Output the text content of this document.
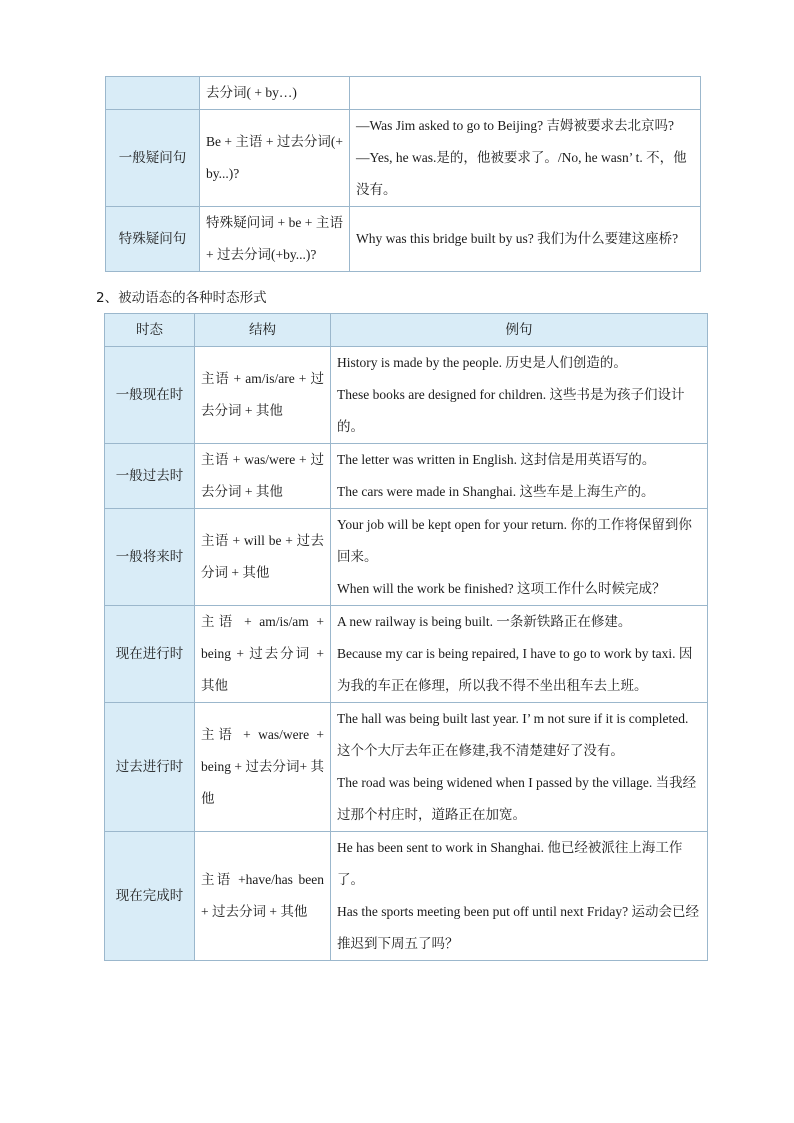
	去分词( + by…)	
一般疑问句	Be + 主语 + 过去分词(+ by...)?	—Was Jim asked to go to Beijing? 吉姆被要求去北京吗?
—Yes, he was.是的，他被要求了。/No, he wasn’ t. 不，他没有。

特殊疑问句	特殊疑问词 + be + 主语 + 过去分词(+by...)?	Why was this bridge built by us? 我们为什么要建这座桥?
2、被动语态的各种时态形式
时态	结构	例句
一般现在时	主语 + am/is/are + 过去分词 + 其他	History is made by the people. 历史是人们创造的。
These books are designed for children. 这些书是为孩子们设计的。

一般过去时	主语 + was/were + 过去分词 + 其他	The letter was written in English. 这封信是用英语写的。
The cars were made in Shanghai. 这些车是上海生产的。

一般将来时	主语 + will be + 过去分词 + 其他	Your job will be kept open for your return. 你的工作将保留到你回来。
When will the work be finished? 这项工作什么时候完成？

现在进行时	主语 + am/is/am + being + 过去分词 + 其他	A new railway is being built. 一条新铁路正在修建。
Because my car is being repaired, I have to go to work by taxi. 因为我的车正在修理，所以我不得不坐出租车去上班。

过去进行时	主语 + was/were + being + 过去分词+ 其他	The hall was being built last year. I’ m not sure if it is completed. 这个个大厅去年正在修建,我不清楚建好了没有。
The road was being widened when I passed by the village. 当我经过那个村庄时，道路正在加宽。

现在完成时	主语 +have/has been + 过去分词 + 其他	He has been sent to work in Shanghai. 他已经被派往上海工作了。
Has the sports meeting been put off until next Friday? 运动会已经推迟到下周五了吗？
